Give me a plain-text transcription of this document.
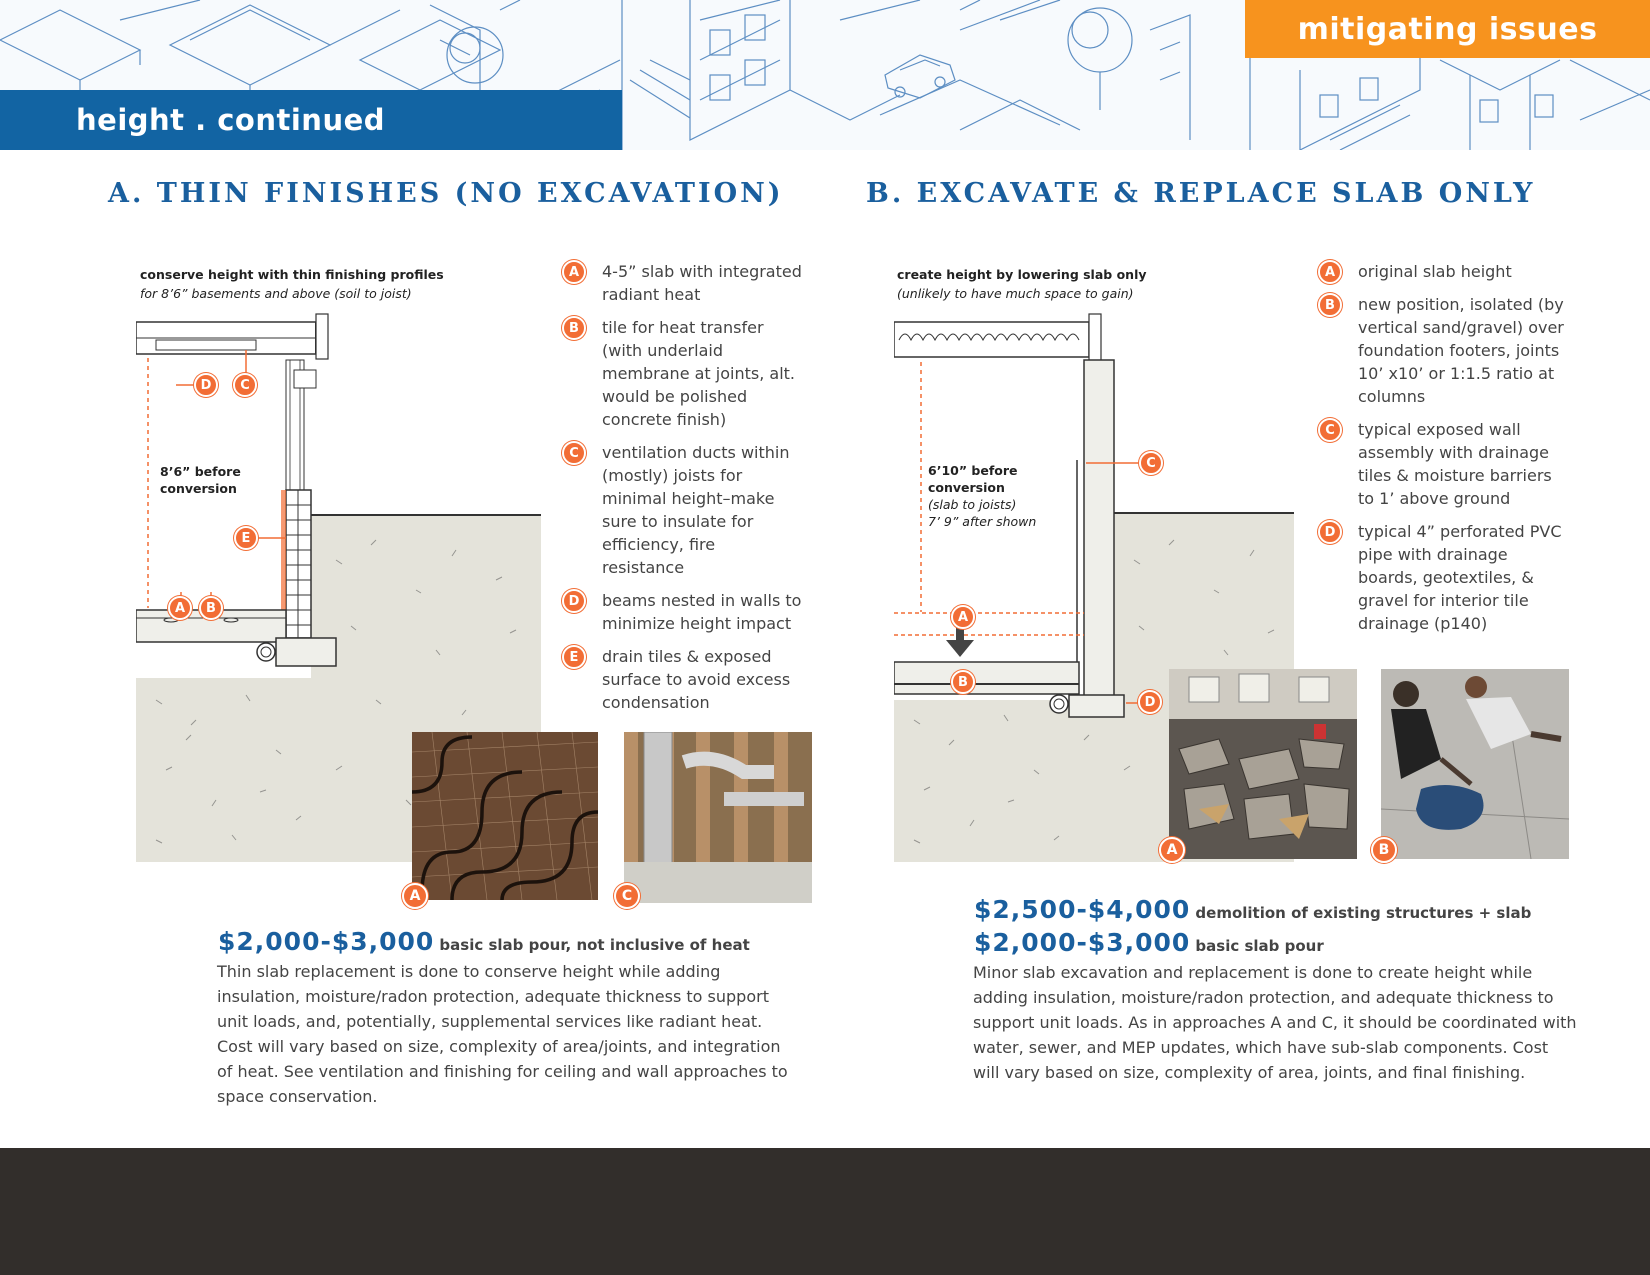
mitigating issues
height . continued
A. THIN FINISHES (NO EXCAVATION)
conserve height with thin finishing profiles
for 8’6” basements and above (soil to joist)
8’6” before conversion
D	C
E
A	B
A	4-5” slab with integrated radiant heat
B	tile for heat transfer (with underlaid membrane at joints, alt. would be polished concrete finish)
C	ventilation ducts within (mostly) joists for minimal height–make sure to insulate for efficiency, fire resistance
D	beams nested in walls to minimize height impact
E	drain tiles & exposed surface to avoid excess condensation
A	C
$2,000-$3,000 basic slab pour, not inclusive of heat
Thin slab replacement is done to conserve height while adding insulation, moisture/radon protection, adequate thickness to support unit loads, and, potentially, supplemental services like radiant heat. Cost will vary based on size, complexity of area/joints, and integration of heat. See ventilation and finishing for ceiling and wall approaches to space conservation.
B. EXCAVATE & REPLACE SLAB ONLY
create height by lowering slab only
(unlikely to have much space to gain)
6’10” before conversion
(slab to joists)
7’ 9” after shown
C
A
B
D
A	original slab height
B	new position, isolated (by vertical sand/gravel) over foundation footers, joints 10’ x10’ or 1:1.5 ratio at columns
C	typical exposed wall assembly with drainage tiles & moisture barriers to 1’ above ground
D	typical 4” perforated PVC pipe with drainage boards, geotextiles, & gravel for interior tile drainage (p140)
A	B
$2,500-$4,000 demolition of existing structures + slab
$2,000-$3,000 basic slab pour
Minor slab excavation and replacement is done to create height while adding insulation, moisture/radon protection, and adequate thickness to support unit loads. As in approaches A and C, it should be coordinated with water, sewer, and MEP updates, which have sub-slab components. Cost will vary based on size, complexity of area, joints, and final finishing.
